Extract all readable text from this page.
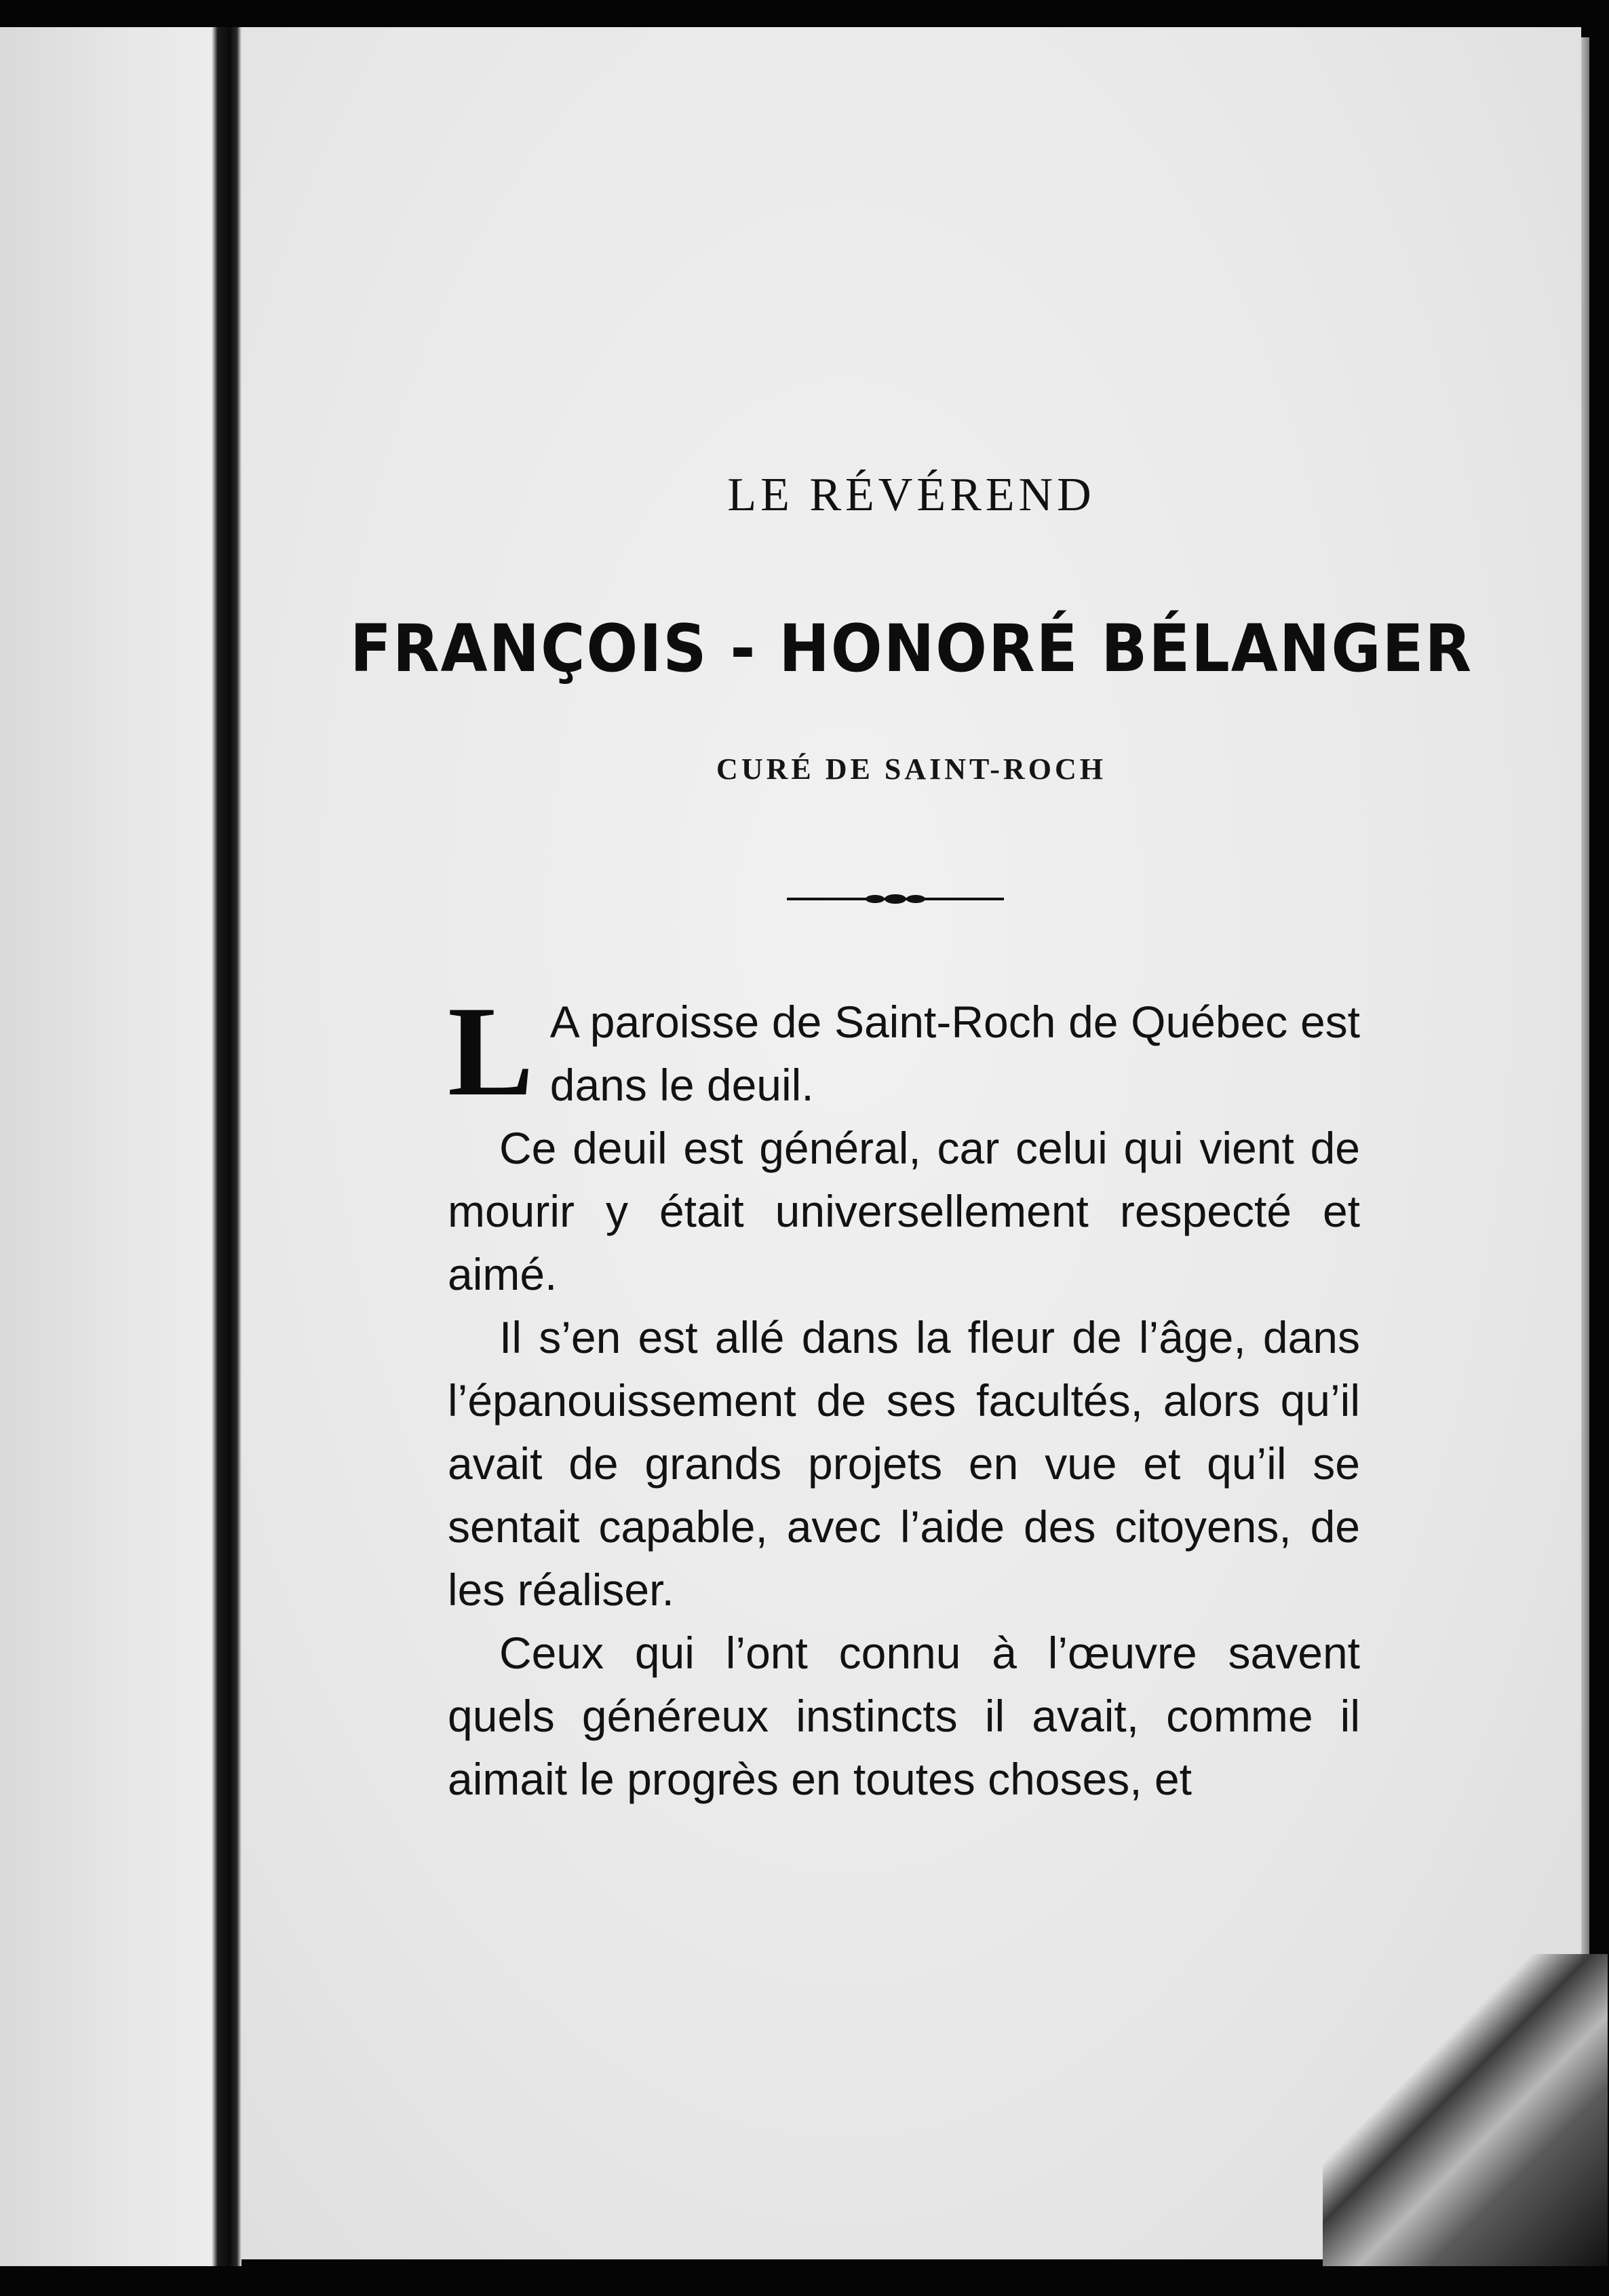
LE RÉVÉREND
FRANÇOIS - HONORÉ BÉLANGER
CURÉ DE SAINT-ROCH

L A paroisse de Saint-Roch de Québec est dans le deuil.

Ce deuil est général, car celui qui vient de mourir y était universellement respecté et aimé.

Il s’en est allé dans la fleur de l’âge, dans l’épanouissement de ses facultés, alors qu’il avait de grands projets en vue et qu’il se sentait capable, avec l’aide des citoyens, de les réaliser.

Ceux qui l’ont connu à l’œuvre savent quels généreux instincts il avait, comme il aimait le progrès en toutes choses, et
